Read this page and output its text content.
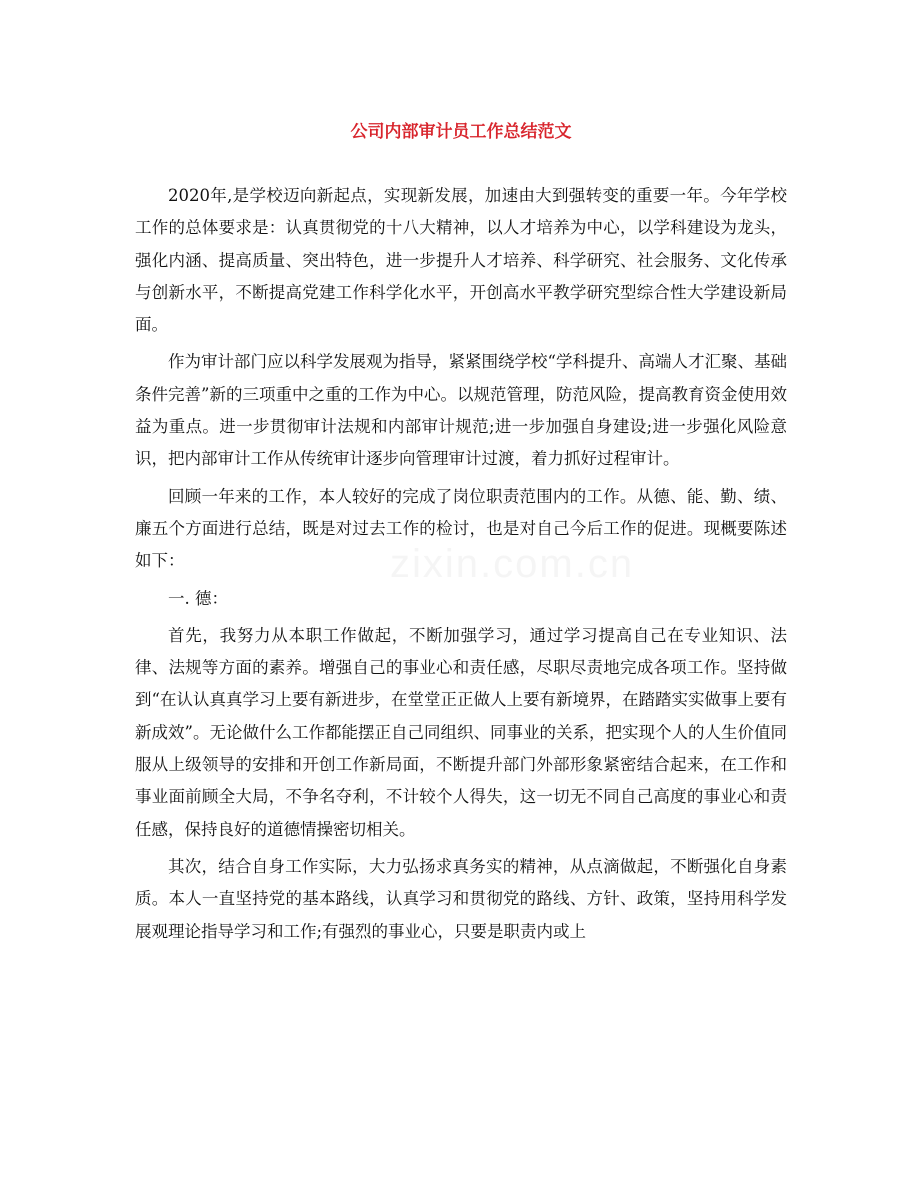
zixin.com.cn
公司内部审计员工作总结范文

2020年,是学校迈向新起点，实现新发展，加速由大到强转变的重要一年。今年学校工作的总体要求是：认真贯彻党的十八大精神，以人才培养为中心，以学科建设为龙头，强化内涵、提高质量、突出特色，进一步提升人才培养、科学研究、社会服务、文化传承与创新水平，不断提高党建工作科学化水平，开创高水平教学研究型综合性大学建设新局面。

作为审计部门应以科学发展观为指导，紧紧围绕学校“学科提升、高端人才汇聚、基础条件完善”新的三项重中之重的工作为中心。以规范管理，防范风险，提高教育资金使用效益为重点。进一步贯彻审计法规和内部审计规范;进一步加强自身建设;进一步强化风险意识，把内部审计工作从传统审计逐步向管理审计过渡，着力抓好过程审计。

回顾一年来的工作，本人较好的完成了岗位职责范围内的工作。从德、能、勤、绩、廉五个方面进行总结，既是对过去工作的检讨，也是对自己今后工作的促进。现概要陈述如下：

一. 德：

首先，我努力从本职工作做起，不断加强学习，通过学习提高自己在专业知识、法律、法规等方面的素养。增强自己的事业心和责任感，尽职尽责地完成各项工作。坚持做到“在认认真真学习上要有新进步，在堂堂正正做人上要有新境界，在踏踏实实做事上要有新成效”。无论做什么工作都能摆正自己同组织、同事业的关系，把实现个人的人生价值同服从上级领导的安排和开创工作新局面，不断提升部门外部形象紧密结合起来，在工作和事业面前顾全大局，不争名夺利，不计较个人得失，这一切无不同自己高度的事业心和责任感，保持良好的道德情操密切相关。

其次，结合自身工作实际，大力弘扬求真务实的精神，从点滴做起，不断强化自身素质。本人一直坚持党的基本路线，认真学习和贯彻党的路线、方针、政策，坚持用科学发展观理论指导学习和工作;有强烈的事业心，只要是职责内或上
